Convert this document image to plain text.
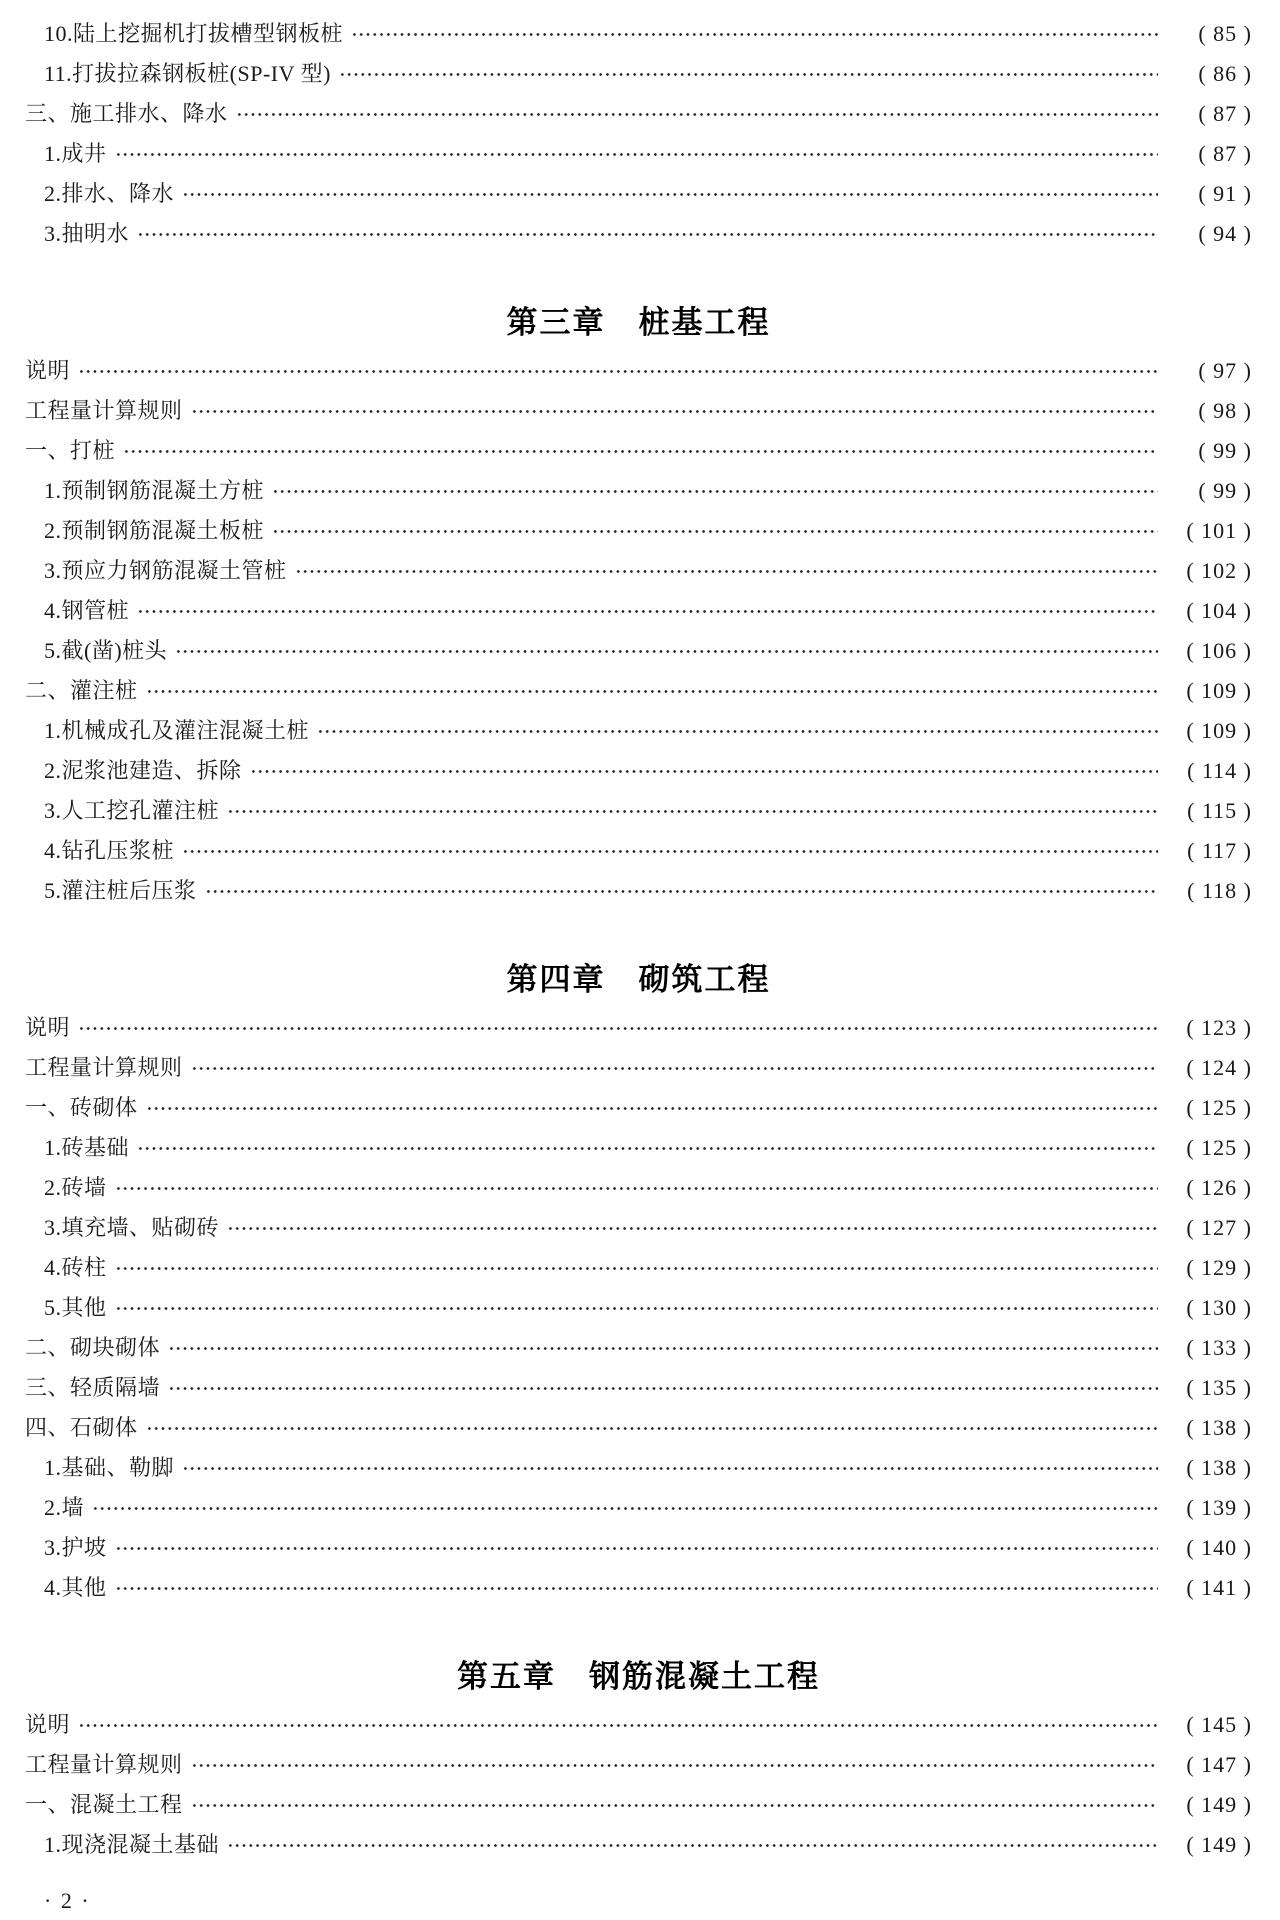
10.陆上挖掘机打拔槽型钢板桩	( 85 )
11.打拔拉森钢板桩(SP-IV 型)	( 86 )
三、施工排水、降水	( 87 )
1.成井	( 87 )
2.排水、降水	( 91 )
3.抽明水	( 94 )
第三章　桩基工程
说明	( 97 )
工程量计算规则	( 98 )
一、打桩	( 99 )
1.预制钢筋混凝土方桩	( 99 )
2.预制钢筋混凝土板桩	( 101 )
3.预应力钢筋混凝土管桩	( 102 )
4.钢管桩	( 104 )
5.截(凿)桩头	( 106 )
二、灌注桩	( 109 )
1.机械成孔及灌注混凝土桩	( 109 )
2.泥浆池建造、拆除	( 114 )
3.人工挖孔灌注桩	( 115 )
4.钻孔压浆桩	( 117 )
5.灌注桩后压浆	( 118 )
第四章　砌筑工程
说明	( 123 )
工程量计算规则	( 124 )
一、砖砌体	( 125 )
1.砖基础	( 125 )
2.砖墙	( 126 )
3.填充墙、贴砌砖	( 127 )
4.砖柱	( 129 )
5.其他	( 130 )
二、砌块砌体	( 133 )
三、轻质隔墙	( 135 )
四、石砌体	( 138 )
1.基础、勒脚	( 138 )
2.墙	( 139 )
3.护坡	( 140 )
4.其他	( 141 )
第五章　钢筋混凝土工程
说明	( 145 )
工程量计算规则	( 147 )
一、混凝土工程	( 149 )
1.现浇混凝土基础	( 149 )
· 2 ·
